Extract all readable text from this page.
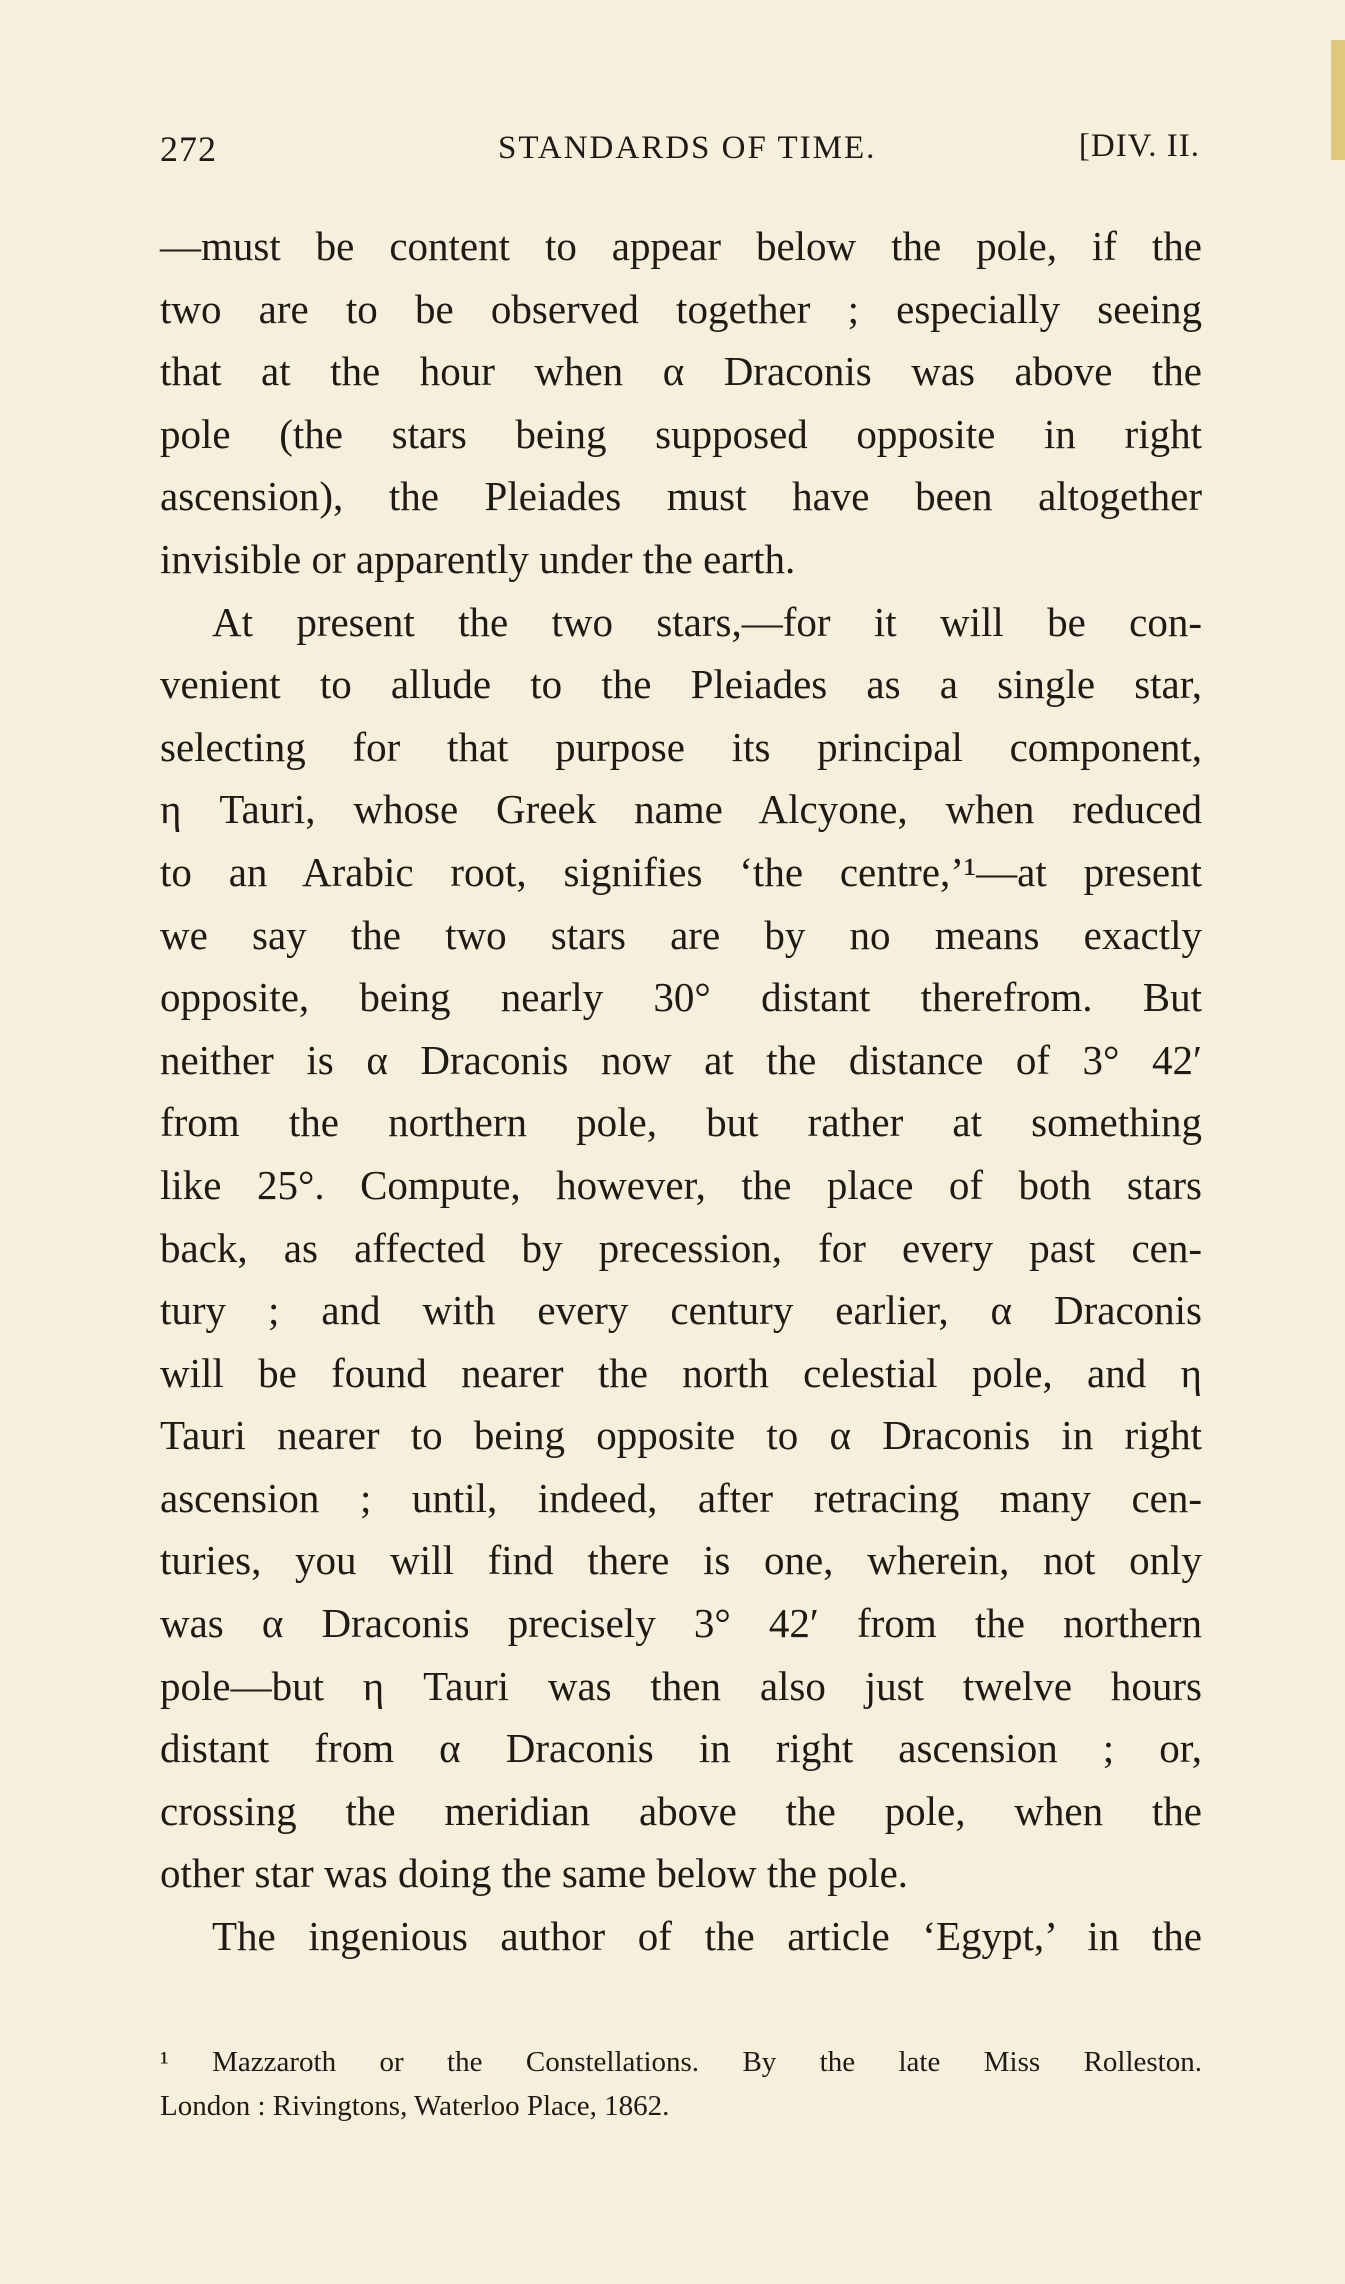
272	STANDARDS OF TIME.	[DIV. II.
—must be content to appear below the pole, if the
two are to be observed together ; especially seeing
that at the hour when α Draconis was above the
pole (the stars being supposed opposite in right
ascension), the Pleiades must have been altogether
invisible or apparently under the earth.
At present the two stars,—for it will be con-
venient to allude to the Pleiades as a single star,
selecting for that purpose its principal component,
η Tauri, whose Greek name Alcyone, when reduced
to an Arabic root, signifies ‘the centre,’¹—at present
we say the two stars are by no means exactly
opposite, being nearly 30° distant therefrom. But
neither is α Draconis now at the distance of 3° 42′
from the northern pole, but rather at something
like 25°. Compute, however, the place of both stars
back, as affected by precession, for every past cen-
tury ; and with every century earlier, α Draconis
will be found nearer the north celestial pole, and η
Tauri nearer to being opposite to α Draconis in right
ascension ; until, indeed, after retracing many cen-
turies, you will find there is one, wherein, not only
was α Draconis precisely 3° 42′ from the northern
pole—but η Tauri was then also just twelve hours
distant from α Draconis in right ascension ; or,
crossing the meridian above the pole, when the
other star was doing the same below the pole.
The ingenious author of the article ‘Egypt,’ in the
¹ Mazzaroth or the Constellations. By the late Miss Rolleston.
London : Rivingtons, Waterloo Place, 1862.
